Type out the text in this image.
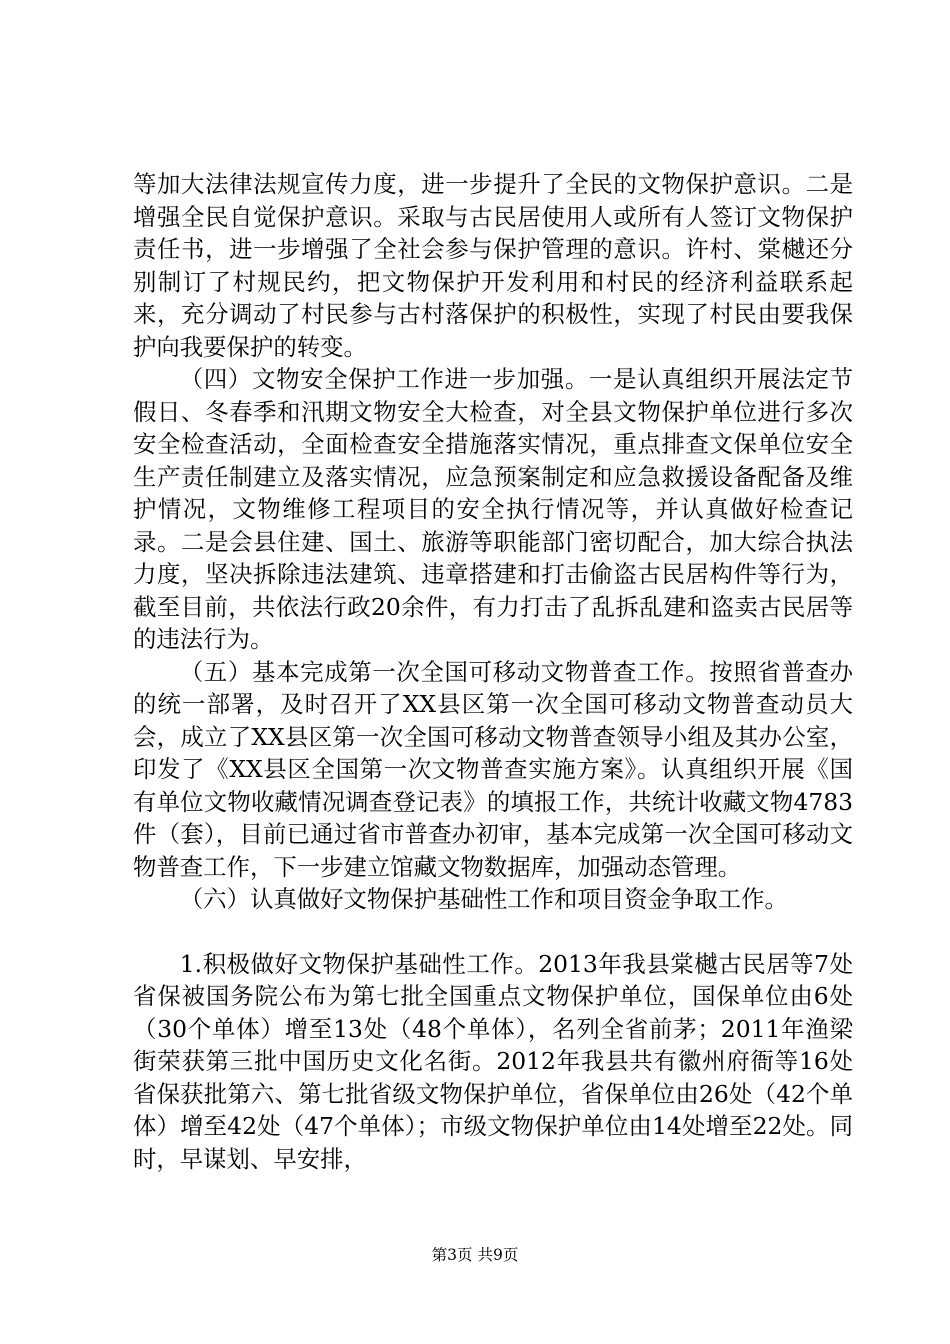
等加大法律法规宣传力度，进一步提升了全民的文物保护意识。二是增强全民自觉保护意识。采取与古民居使用人或所有人签订文物保护责任书，进一步增强了全社会参与保护管理的意识。许村、棠樾还分别制订了村规民约，把文物保护开发利用和村民的经济利益联系起来，充分调动了村民参与古村落保护的积极性，实现了村民由要我保护向我要保护的转变。

（四）文物安全保护工作进一步加强。一是认真组织开展法定节假日、冬春季和汛期文物安全大检查，对全县文物保护单位进行多次安全检查活动，全面检查安全措施落实情况，重点排查文保单位安全生产责任制建立及落实情况，应急预案制定和应急救援设备配备及维护情况，文物维修工程项目的安全执行情况等，并认真做好检查记录。二是会县住建、国土、旅游等职能部门密切配合，加大综合执法力度，坚决拆除违法建筑、违章搭建和打击偷盗古民居构件等行为，截至目前，共依法行政20余件，有力打击了乱拆乱建和盗卖古民居等的违法行为。

（五）基本完成第一次全国可移动文物普查工作。按照省普查办的统一部署，及时召开了XX县区第一次全国可移动文物普查动员大会，成立了XX县区第一次全国可移动文物普查领导小组及其办公室，印发了《XX县区全国第一次文物普查实施方案》。认真组织开展《国有单位文物收藏情况调查登记表》的填报工作，共统计收藏文物4783件（套），目前已通过省市普查办初审，基本完成第一次全国可移动文物普查工作，下一步建立馆藏文物数据库，加强动态管理。

（六）认真做好文物保护基础性工作和项目资金争取工作。

1.积极做好文物保护基础性工作。2013年我县棠樾古民居等7处省保被国务院公布为第七批全国重点文物保护单位，国保单位由6处（30个单体）增至13处（48个单体），名列全省前茅；2011年渔梁街荣获第三批中国历史文化名街。2012年我县共有徽州府衙等16处省保获批第六、第七批省级文物保护单位，省保单位由26处（42个单体）增至42处（47个单体）；市级文物保护单位由14处增至22处。同时，早谋划、早安排，

第3页 共9页
